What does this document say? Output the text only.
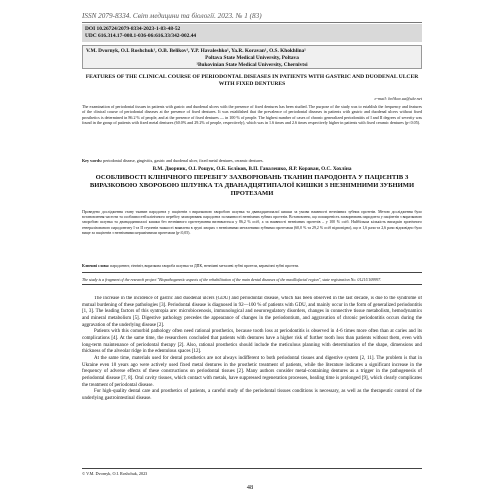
ISSN 2079-8334. Світ медицини та біології. 2023. № 1 (83)
DOI 10.26724/2079-8334-2023-1-83-48-52
UDC 616.314.17-008.1-036-06:616.33/342-002.44
V.M. Dvornyk, O.I. Roshchuk¹, O.B. Belikov¹, Y.P. Havaleshko¹, Ya.R. Koravan¹, O.S. Khokhlina¹
Poltava State Medical University, Poltava
¹Bukovinian State Medical University, Chernivtsi
FEATURES OF THE CLINICAL COURSE OF PERIODONTAL DISEASES IN PATIENTS WITH GASTRIC AND DUODENAL ULCER WITH FIXED DENTURES
e-mail: belikov.ua@ukr.net
The examination of periodontal tissues in patients with gastric and duodenal ulcers with the presence of fixed dentures has been studied. The purpose of the study was to establish the frequency and features of the clinical course of periodontal diseases at the presence of fixed dentures. It was established that the prevalence of periodontal diseases in patients with gastric and duodenal ulcers without fixed prosthetics is determined in 86.2 % of people, and at the presence of fixed dentures — in 100 % of people. The highest number of cases of chronic generalized periodontitis of I and II degrees of severity was found in the group of patients with fixed metal dentures (60.0% and 29.2% of people, respectively), which was in 1.6 times and 2.6 times respectively higher in patients with fixed ceramic dentures (p<0.05).
Key words: periodontal disease, gingivitis, gastric and duodenal ulcer, fixed metal dentures, ceramic dentures.
В.М. Дворник, О.І. Рощук, О.Б. Бєліков, В.П. Гавалешко, Я.Р. Кораван, О.С. Хохліна
ОСОБЛИВОСТІ КЛІНІЧНОГО ПЕРЕБІГУ ЗАХВОРЮВАНЬ ТКАНИН ПАРОДОНТА У ПАЦІЄНТІВ З ВИРАЗКОВОЮ ХВОРОБОЮ ШЛУНКА ТА ДВАНАДЦЯТИПАЛОЇ КИШКИ З НЕЗНІМНИМИ ЗУБНИМИ ПРОТЕЗАМИ
Проведено дослідження стану тканин пародонта у пацієнтів з виразковою хворобою шлунка та дванадцятипалої кишки за умови наявності незнімних зубних протезів. Метою дослідження було встановлення частоти та особливостей клінічного перебігу захворювань пародонта за наявності незнімних зубних протезів. Встановлено, що поширеність захворювань пародонта у пацієнтів з виразковою хворобою шлунка та дванадцятипалої кишки без незнімного протезування визначається у 86,2 % осіб, а за наявності незнімних протезів – у 100 % осіб. Найбільша кількість випадків хронічного генералізованого пародонтиту I та II ступенів тяжкості виявлена в групі хворих з незнімними металевими зубними протезами (60,0 % та 29,2 % осіб відповідно), що в 1,6 рази та 2,6 рази відповідно було вище за пацієнтів з незнімними керамічними протезами (p<0,05).
Ключові слова: пародонтит, гінгівіт, виразкова хвороба шлунка та ДПК, незнімні металеві зубні протези, керамічні зубні протези.
The study is a fragment of the research project "Biopathogenetic aspects of the rehabilitation of the main dental diseases of the maxillofacial region", state registration No. 0121U109997.

The increase in the incidence of gastric and duodenal ulcers (GDU) and periodontal disease, which has been observed in the last decade, is due to the syndrome of mutual burdening of these pathologies [3]. Periodontal disease is diagnosed in 92—100 % of patients with GDU, and mainly occur in the form of generalized periodontitis [1, 3]. The leading factors of this syntropia are: microbiocenosis, immunological and neuroregulatory disorders, changes in connective tissue metabolism, hemodynamics and mineral metabolism [5]. Digestive pathology precedes the appearance of changes in the periodontium, and aggravation of chronic periodontitis occurs during the aggravation of the underlying disease [2].

Patients with this comorbid pathology often need rational prosthetics, because tooth loss at periodontitis is observed in 4-6 times more often than at caries and its complications [4]. At the same time, the researchers concluded that patients with dentures have a higher risk of further tooth loss than patients without them, even with long-term maintenance of periodontal therapy [2]. Also, rational prosthetics should include the meticulous planning with determination of the shape, dimensions and thickness of the alveolar ridge in the edentulous spaces [12].

At the same time, materials used for dental prosthetics are not always indifferent to both periodontal tissues and digestive system [2, 11]. The problem is that in Ukraine even 10 years ago were actively used fixed metal dentures in the prosthetic treatment of patients, while the literature indicates a significant increase in the frequency of adverse effects of these constructions on periodontal tissues [2]. Many authors consider metal-containing dentures as a trigger in the pathogenesis of periodontal disease [7, 8]. Oral cavity tissues, which contact with metals, have suppressed regeneration processes, healing time is prolonged [9], which clearly complicates the treatment of periodontal disease.

For high-quality dental care and prosthetics of patients, a careful study of the periodontal tissues conditions is necessary, as well as the therapeutic control of the underlying gastrointestinal disease.

© V.M. Dvornyk, O.I. Roshchuk, 2023
48
